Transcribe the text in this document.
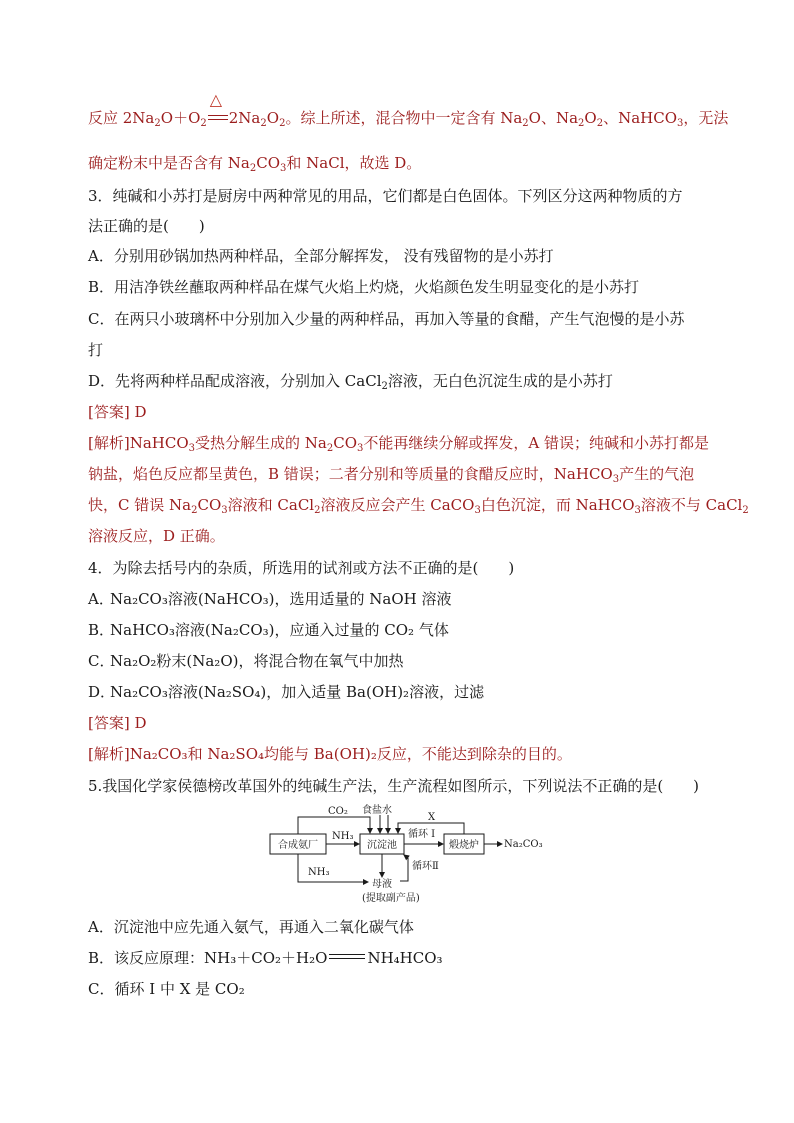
反应 $2Na_2O+O_2$
△
$2Na_2O_2$。综上所述，混合物中一定含有 $Na_2O$、$Na_2O_2$、NaHCO$_3$，无法
确定粉末中是否含有 $Na_2CO_3$和 NaCl，故选 D。
3．纯碱和小苏打是厨房中两种常见的用品，它们都是白色固体。下列区分这两种物质的方
法正确的是(　　)
A．分别用砂锅加热两种样品，全部分解挥发， 没有残留物的是小苏打
B．用洁净铁丝蘸取两种样品在煤气火焰上灼烧，火焰颜色发生明显变化的是小苏打
C．在两只小玻璃杯中分别加入少量的两种样品，再加入等量的食醋，产生气泡慢的是小苏
打
D．先将两种样品配成溶液，分别加入 CaCl$_2$溶液，无白色沉淀生成的是小苏打
[答案] D
[解析]NaHCO$_3$受热分解生成的 $Na_2CO_3$不能再继续分解或挥发，A 错误；纯碱和小苏打都是
钠盐，焰色反应都呈黄色，B 错误；二者分别和等质量的食醋反应时，NaHCO$_3$产生的气泡
快，C 错误 $Na_2CO_3$溶液和 CaCl$_2$溶液反应会产生 CaCO$_3$白色沉淀，而 NaHCO$_3$溶液不与 CaCl$_2$
溶液反应，D 正确。
4．为除去括号内的杂质，所选用的试剂或方法不正确的是(　　)
A．Na₂CO₃溶液(NaHCO₃)，选用适量的 NaOH 溶液
B．NaHCO₃溶液(Na₂CO₃)，应通入过量的 CO₂ 气体
C．Na₂O₂粉末(Na₂O)，将混合物在氧气中加热
D．Na₂CO₃溶液(Na₂SO₄)，加入适量 Ba(OH)₂溶液，过滤
[答案] D
[解析]Na₂CO₃和 Na₂SO₄均能与 Ba(OH)₂反应，不能达到除杂的目的。
5.我国化学家侯德榜改革国外的纯碱生产法，生产流程如图所示，下列说法不正确的是(　　)
合成氨厂	沉淀池	煅烧炉
NH₃
CO₂ 食盐水
X
循环 I
Na₂CO₃
循环Ⅱ
NH₃
母液
(提取副产品)
A．沉淀池中应先通入氨气，再通入二氧化碳气体
B．该反应原理：NH₃＋CO₂＋H₂O	NH₄HCO₃
C．循环 I 中 X 是 CO₂
